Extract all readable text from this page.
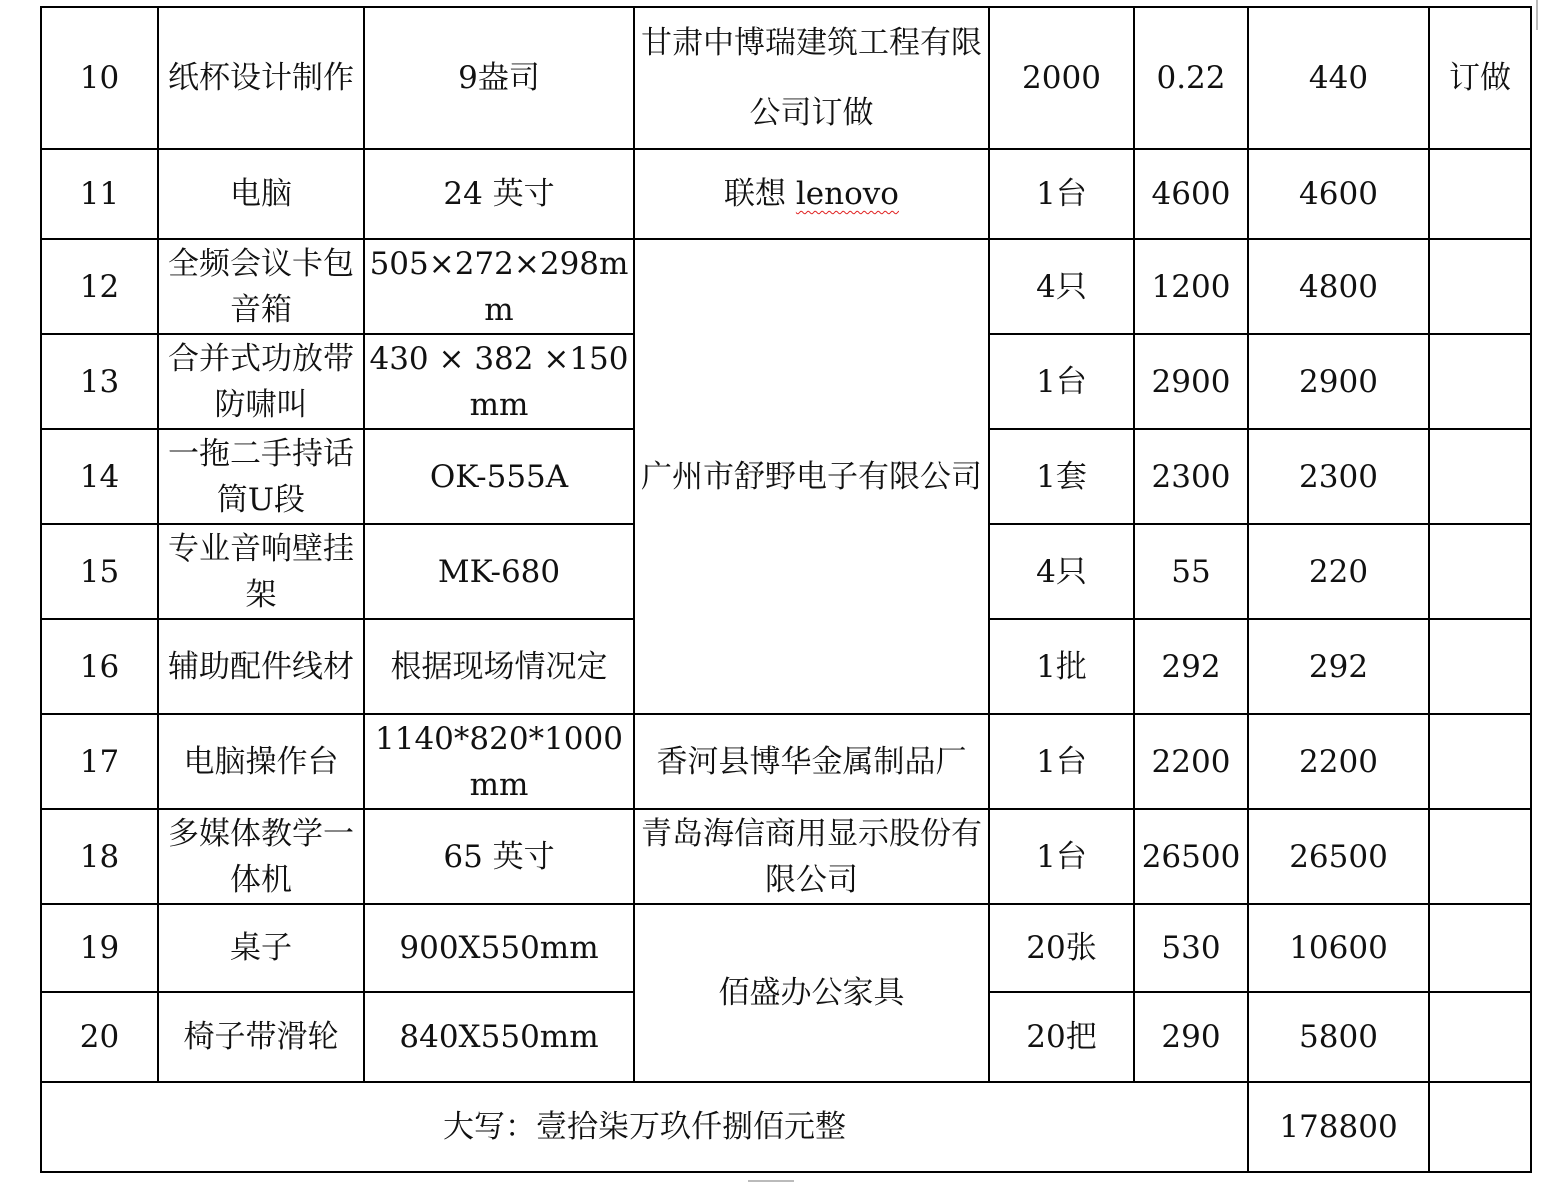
10	纸杯设计制作	9盎司	甘肃中博瑞建筑工程有限公司订做	2000	0.22	440	订做
11	电脑	24 英寸	联想 lenovo	1台	4600	4600	
12	全频会议卡包音箱	505×272×298mm	广州市舒野电子有限公司	4只	1200	4800	
13	合并式功放带防啸叫	430 × 382 ×150mm		1台	2900	2900	
14	一拖二手持话筒U段	OK-555A		1套	2300	2300	
15	专业音响壁挂架	MK-680		4只	55	220	
16	辅助配件线材	根据现场情况定		1批	292	292	
17	电脑操作台	1140*820*1000mm	香河县博华金属制品厂	1台	2200	2200	
18	多媒体教学一体机	65 英寸	青岛海信商用显示股份有限公司	1台	26500	26500	
19	桌子	900X550mm	佰盛办公家具	20张	530	10600	
20	椅子带滑轮	840X550mm		20把	290	5800	
大写：壹拾柒万玖仟捌佰元整						178800	
